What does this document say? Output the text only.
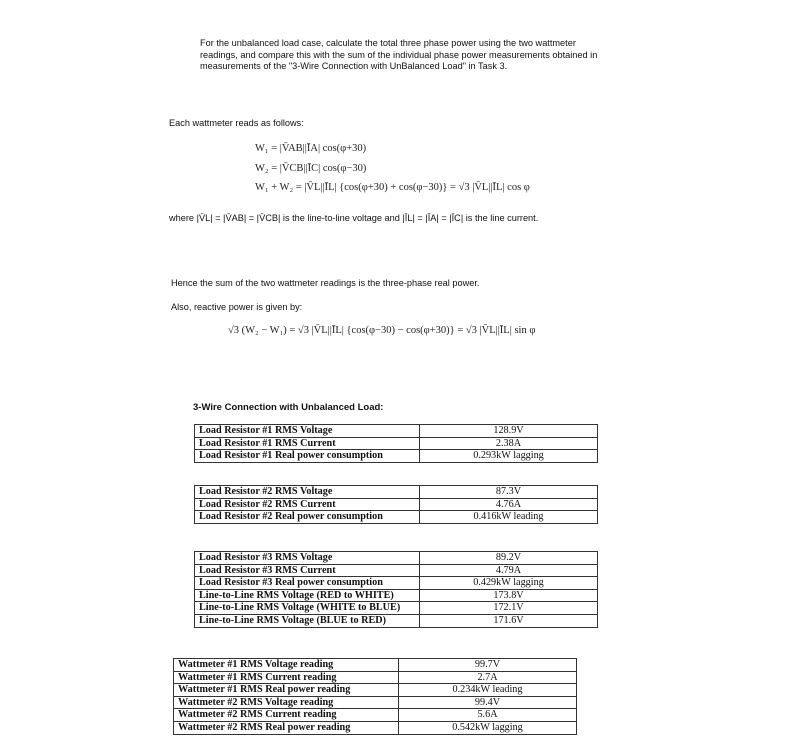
For the unbalanced load case, calculate the total three phase power using the two wattmeter readings, and compare this with the sum of the individual phase power measurements obtained in measurements of the "3-Wire Connection with UnBalanced Load" in Task 3.
Each wattmeter reads as follows:
W₁ = |V̄AB||ĪA| cos(φ+30)
W₂ = |V̄CB||ĪC| cos(φ−30)
W₁ + W₂ = |V̄L||ĪL| {cos(φ+30) + cos(φ−30)} = √3 |V̄L||ĪL| cos φ
where |V̄L| = |V̄AB| = |V̄CB| is the line-to-line voltage and |ĪL| = |ĪA| = |ĪC| is the line current.
Hence the sum of the two wattmeter readings is the three-phase real power.
Also, reactive power is given by:
√3 (W₂ − W₁) = √3 |V̄L||ĪL| {cos(φ−30) − cos(φ+30)} = √3 |V̄L||ĪL| sin φ
3-Wire Connection with Unbalanced Load:
Load Resistor #1 RMS Voltage	128.9V
Load Resistor #1 RMS Current	2.38A
Load Resistor #1 Real power consumption	0.293kW lagging
Load Resistor #2 RMS Voltage	87.3V
Load Resistor #2 RMS Current	4.76A
Load Resistor #2 Real power consumption	0.416kW leading
Load Resistor #3 RMS Voltage	89.2V
Load Resistor #3 RMS Current	4.79A
Load Resistor #3 Real power consumption	0.429kW lagging
Line-to-Line RMS Voltage (RED to WHITE)	173.8V
Line-to-Line RMS Voltage (WHITE to BLUE)	172.1V
Line-to-Line RMS Voltage (BLUE to RED)	171.6V
Wattmeter #1 RMS Voltage reading	99.7V
Wattmeter #1 RMS Current reading	2.7A
Wattmeter #1 RMS Real power reading	0.234kW leading
Wattmeter #2 RMS Voltage reading	99.4V
Wattmeter #2 RMS Current reading	5.6A
Wattmeter #2 RMS Real power reading	0.542kW lagging
